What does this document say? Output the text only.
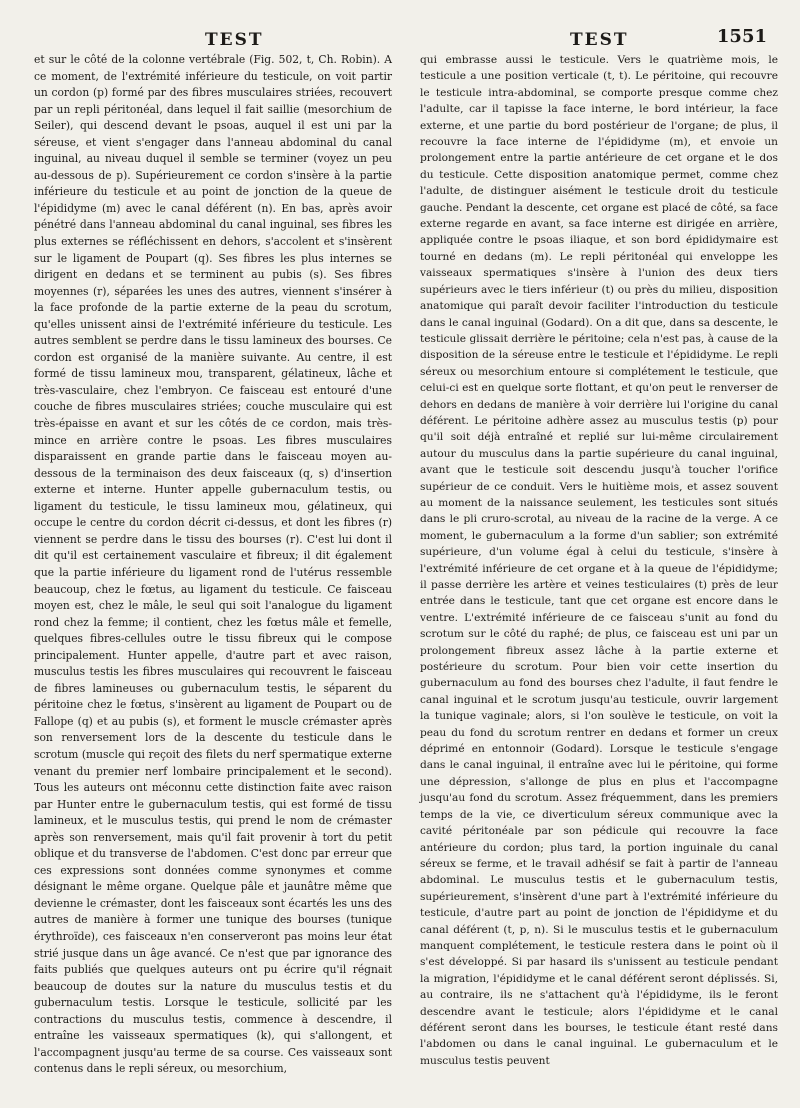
TEST	TEST	1551

et sur le côté de la colonne vertébrale (Fig. 502, t, Ch. Robin). A ce moment, de l'extrémité inférieure du testicule, on voit partir un cordon (p) formé par des fibres musculaires striées, recouvert par un repli péritonéal, dans lequel il fait saillie (mesorchium de Seiler), qui descend devant le psoas, auquel il est uni par la séreuse, et vient s'engager dans l'anneau abdominal du canal inguinal, au niveau duquel il semble se terminer (voyez un peu au-dessous de p). Supérieurement ce cordon s'insère à la partie inférieure du testicule et au point de jonction de la queue de l'épididyme (m) avec le canal déférent (n). En bas, après avoir pénétré dans l'anneau abdominal du canal inguinal, ses fibres les plus externes se réfléchissent en dehors, s'accolent et s'insèrent sur le ligament de Poupart (q). Ses fibres les plus internes se dirigent en dedans et se terminent au pubis (s). Ses fibres moyennes (r), séparées les unes des autres, viennent s'insérer à la face profonde de la partie externe de la peau du scrotum, qu'elles unissent ainsi de l'extrémité inférieure du testicule. Les autres semblent se perdre dans le tissu lamineux des bourses. Ce cordon est organisé de la manière suivante. Au centre, il est formé de tissu lamineux mou, transparent, gélatineux, lâche et très-vasculaire, chez l'embryon. Ce faisceau est entouré d'une couche de fibres musculaires striées; couche musculaire qui est très-épaisse en avant et sur les côtés de ce cordon, mais très-mince en arrière contre le psoas. Les fibres musculaires disparaissent en grande partie dans le faisceau moyen au-dessous de la terminaison des deux faisceaux (q, s) d'insertion externe et interne. Hunter appelle gubernaculum testis, ou ligament du testicule, le tissu lamineux mou, gélatineux, qui occupe le centre du cordon décrit ci-dessus, et dont les fibres (r) viennent se perdre dans le tissu des bourses (r). C'est lui dont il dit qu'il est certainement vasculaire et fibreux; il dit également que la partie inférieure du ligament rond de l'utérus ressemble beaucoup, chez le fœtus, au ligament du testicule. Ce faisceau moyen est, chez le mâle, le seul qui soit l'analogue du ligament rond chez la femme; il contient, chez les fœtus mâle et femelle, quelques fibres-cellules outre le tissu fibreux qui le compose principalement. Hunter appelle, d'autre part et avec raison, musculus testis les fibres musculaires qui recouvrent le faisceau de fibres lamineuses ou gubernaculum testis, le séparent du péritoine chez le fœtus, s'insèrent au ligament de Poupart ou de Fallope (q) et au pubis (s), et forment le muscle crémaster après son renversement lors de la descente du testicule dans le scrotum (muscle qui reçoit des filets du nerf spermatique externe venant du premier nerf lombaire principalement et le second). Tous les auteurs ont méconnu cette distinction faite avec raison par Hunter entre le gubernaculum testis, qui est formé de tissu lamineux, et le musculus testis, qui prend le nom de crémaster après son renversement, mais qu'il fait provenir à tort du petit oblique et du transverse de l'abdomen. C'est donc par erreur que ces expressions sont données comme synonymes et comme désignant le même organe. Quelque pâle et jaunâtre même que devienne le crémaster, dont les faisceaux sont écartés les uns des autres de manière à former une tunique des bourses (tunique érythroïde), ces faisceaux n'en conserveront pas moins leur état strié jusque dans un âge avancé. Ce n'est que par ignorance des faits publiés que quelques auteurs ont pu écrire qu'il régnait beaucoup de doutes sur la nature du musculus testis et du gubernaculum testis. Lorsque le testicule, sollicité par les contractions du musculus testis, commence à descendre, il entraîne les vaisseaux spermatiques (k), qui s'allongent, et l'accompagnent jusqu'au terme de sa course. Ces vaisseaux sont contenus dans le repli séreux, ou mesorchium,

qui embrasse aussi le testicule. Vers le quatrième mois, le testicule a une position verticale (t, t). Le péritoine, qui recouvre le testicule intra-abdominal, se comporte presque comme chez l'adulte, car il tapisse la face interne, le bord intérieur, la face externe, et une partie du bord postérieur de l'organe; de plus, il recouvre la face interne de l'épididyme (m), et envoie un prolongement entre la partie antérieure de cet organe et le dos du testicule. Cette disposition anatomique permet, comme chez l'adulte, de distinguer aisément le testicule droit du testicule gauche. Pendant la descente, cet organe est placé de côté, sa face externe regarde en avant, sa face interne est dirigée en arrière, appliquée contre le psoas iliaque, et son bord épididymaire est tourné en dedans (m). Le repli péritonéal qui enveloppe les vaisseaux spermatiques s'insère à l'union des deux tiers supérieurs avec le tiers inférieur (t) ou près du milieu, disposition anatomique qui paraît devoir faciliter l'introduction du testicule dans le canal inguinal (Godard). On a dit que, dans sa descente, le testicule glissait derrière le péritoine; cela n'est pas, à cause de la disposition de la séreuse entre le testicule et l'épididyme. Le repli séreux ou mesorchium entoure si complétement le testicule, que celui-ci est en quelque sorte flottant, et qu'on peut le renverser de dehors en dedans de manière à voir derrière lui l'origine du canal déférent. Le péritoine adhère assez au musculus testis (p) pour qu'il soit déjà entraîné et replié sur lui-même circulairement autour du musculus dans la partie supérieure du canal inguinal, avant que le testicule soit descendu jusqu'à toucher l'orifice supérieur de ce conduit. Vers le huitième mois, et assez souvent au moment de la naissance seulement, les testicules sont situés dans le pli cruro-scrotal, au niveau de la racine de la verge. A ce moment, le gubernaculum a la forme d'un sablier; son extrémité supérieure, d'un volume égal à celui du testicule, s'insère à l'extrémité inférieure de cet organe et à la queue de l'épididyme; il passe derrière les artère et veines testiculaires (t) près de leur entrée dans le testicule, tant que cet organe est encore dans le ventre. L'extrémité inférieure de ce faisceau s'unit au fond du scrotum sur le côté du raphé; de plus, ce faisceau est uni par un prolongement fibreux assez lâche à la partie externe et postérieure du scrotum. Pour bien voir cette insertion du gubernaculum au fond des bourses chez l'adulte, il faut fendre le canal inguinal et le scrotum jusqu'au testicule, ouvrir largement la tunique vaginale; alors, si l'on soulève le testicule, on voit la peau du fond du scrotum rentrer en dedans et former un creux déprimé en entonnoir (Godard). Lorsque le testicule s'engage dans le canal inguinal, il entraîne avec lui le péritoine, qui forme une dépression, s'allonge de plus en plus et l'accompagne jusqu'au fond du scrotum. Assez fréquemment, dans les premiers temps de la vie, ce diverticulum séreux communique avec la cavité péritonéale par son pédicule qui recouvre la face antérieure du cordon; plus tard, la portion inguinale du canal séreux se ferme, et le travail adhésif se fait à partir de l'anneau abdominal. Le musculus testis et le gubernaculum testis, supérieurement, s'insèrent d'une part à l'extrémité inférieure du testicule, d'autre part au point de jonction de l'épididyme et du canal déférent (t, p, n). Si le musculus testis et le gubernaculum manquent complétement, le testicule restera dans le point où il s'est développé. Si par hasard ils s'unissent au testicule pendant la migration, l'épididyme et le canal déférent seront déplissés. Si, au contraire, ils ne s'attachent qu'à l'épididyme, ils le feront descendre avant le testicule; alors l'épididyme et le canal déférent seront dans les bourses, le testicule étant resté dans l'abdomen ou dans le canal inguinal. Le gubernaculum et le musculus testis peuvent
